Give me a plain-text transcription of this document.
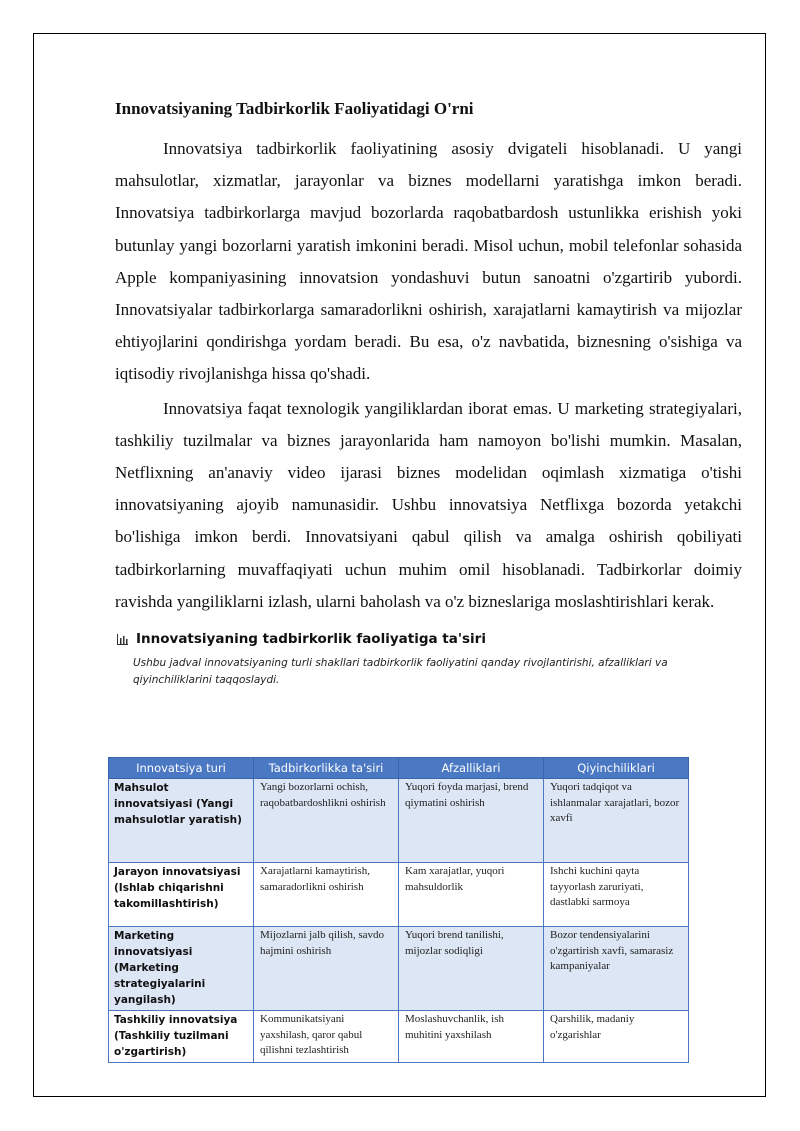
Innovatsiyaning Tadbirkorlik Faoliyatidagi O'rni

Innovatsiya tadbirkorlik faoliyatining asosiy dvigateli hisoblanadi. U yangi mahsulotlar, xizmatlar, jarayonlar va biznes modellarni yaratishga imkon beradi. Innovatsiya tadbirkorlarga mavjud bozorlarda raqobatbardosh ustunlikka erishish yoki butunlay yangi bozorlarni yaratish imkonini beradi. Misol uchun, mobil telefonlar sohasida Apple kompaniyasining innovatsion yondashuvi butun sanoatni o'zgartirib yubordi. Innovatsiyalar tadbirkorlarga samaradorlikni oshirish, xarajatlarni kamaytirish va mijozlar ehtiyojlarini qondirishga yordam beradi. Bu esa, o'z navbatida, biznesning o'sishiga va iqtisodiy rivojlanishga hissa qo'shadi.

Innovatsiya faqat texnologik yangiliklardan iborat emas. U marketing strategiyalari, tashkiliy tuzilmalar va biznes jarayonlarida ham namoyon bo'lishi mumkin. Masalan, Netflixning an'anaviy video ijarasi biznes modelidan oqimlash xizmatiga o'tishi innovatsiyaning ajoyib namunasidir. Ushbu innovatsiya Netflixga bozorda yetakchi bo'lishiga imkon berdi. Innovatsiyani qabul qilish va amalga oshirish qobiliyati tadbirkorlarning muvaffaqiyati uchun muhim omil hisoblanadi. Tadbirkorlar doimiy ravishda yangiliklarni izlash, ularni baholash va o'z bizneslariga moslashtirishlari kerak.

Innovatsiyaning tadbirkorlik faoliyatiga ta'siri
Ushbu jadval innovatsiyaning turli shakllari tadbirkorlik faoliyatini qanday rivojlantirishi, afzalliklari va qiyinchiliklarini taqqoslaydi.
Innovatsiya turi	Tadbirkorlikka ta'siri	Afzalliklari	Qiyinchiliklari
Mahsulot innovatsiyasi (Yangi mahsulotlar yaratish)	Yangi bozorlarni ochish, raqobatbardoshlikni oshirish	Yuqori foyda marjasi, brend qiymatini oshirish	Yuqori tadqiqot va ishlanmalar xarajatlari, bozor xavfi
Jarayon innovatsiyasi (Ishlab chiqarishni takomillashtirish)	Xarajatlarni kamaytirish, samaradorlikni oshirish	Kam xarajatlar, yuqori mahsuldorlik	Ishchi kuchini qayta tayyorlash zaruriyati, dastlabki sarmoya
Marketing innovatsiyasi (Marketing strategiyalarini yangilash)	Mijozlarni jalb qilish, savdo hajmini oshirish	Yuqori brend tanilishi, mijozlar sodiqligi	Bozor tendensiyalarini o'zgartirish xavfi, samarasiz kampaniyalar
Tashkiliy innovatsiya (Tashkiliy tuzilmani o'zgartirish)	Kommunikatsiyani yaxshilash, qaror qabul qilishni tezlashtirish	Moslashuvchanlik, ish muhitini yaxshilash	Qarshilik, madaniy o'zgarishlar
